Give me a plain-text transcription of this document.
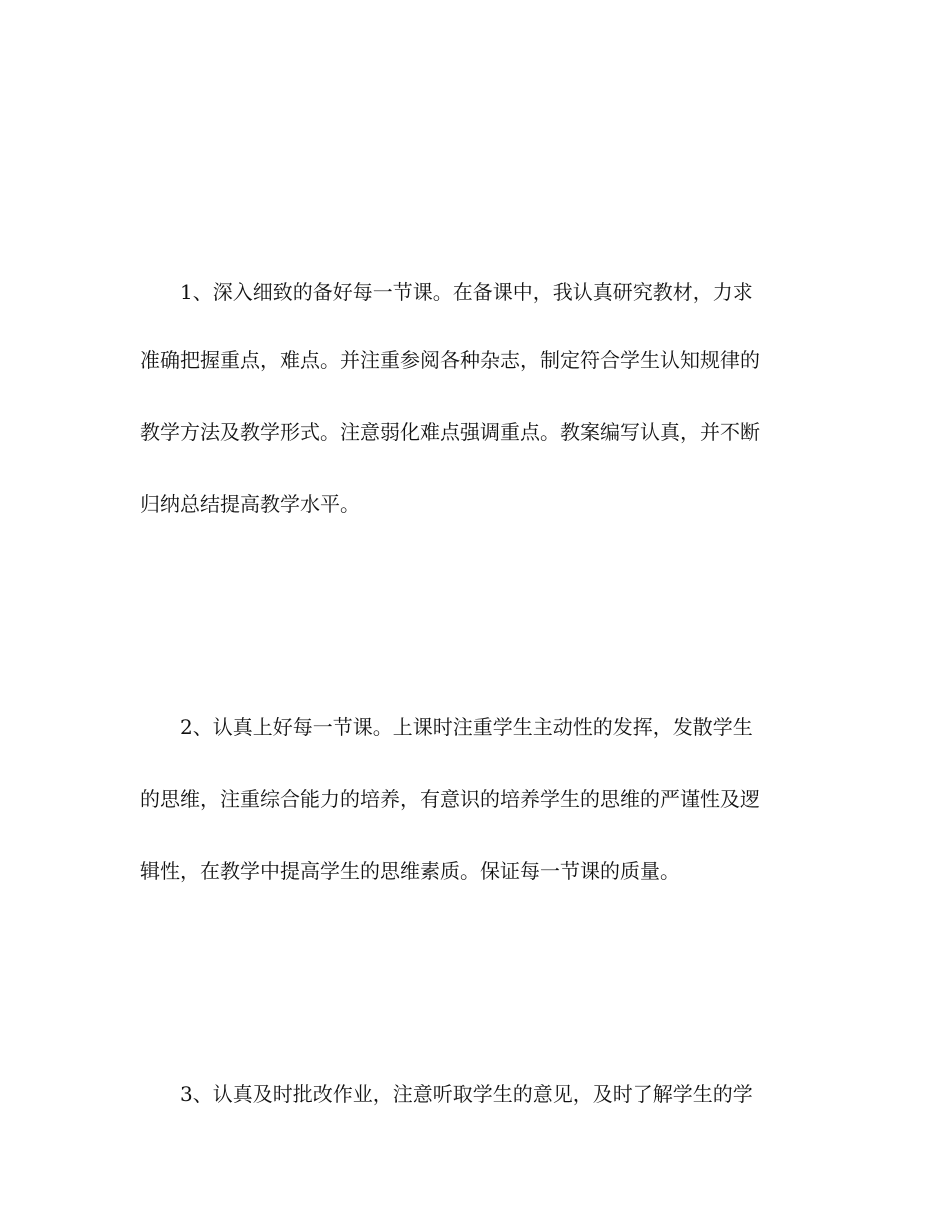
1、深入细致的备好每一节课。在备课中，我认真研究教材，力求
准确把握重点，难点。并注重参阅各种杂志，制定符合学生认知规律的
教学方法及教学形式。注意弱化难点强调重点。教案编写认真，并不断
归纳总结提高教学水平。
2、认真上好每一节课。上课时注重学生主动性的发挥，发散学生
的思维，注重综合能力的培养，有意识的培养学生的思维的严谨性及逻
辑性，在教学中提高学生的思维素质。保证每一节课的质量。
3、认真及时批改作业，注意听取学生的意见，及时了解学生的学
